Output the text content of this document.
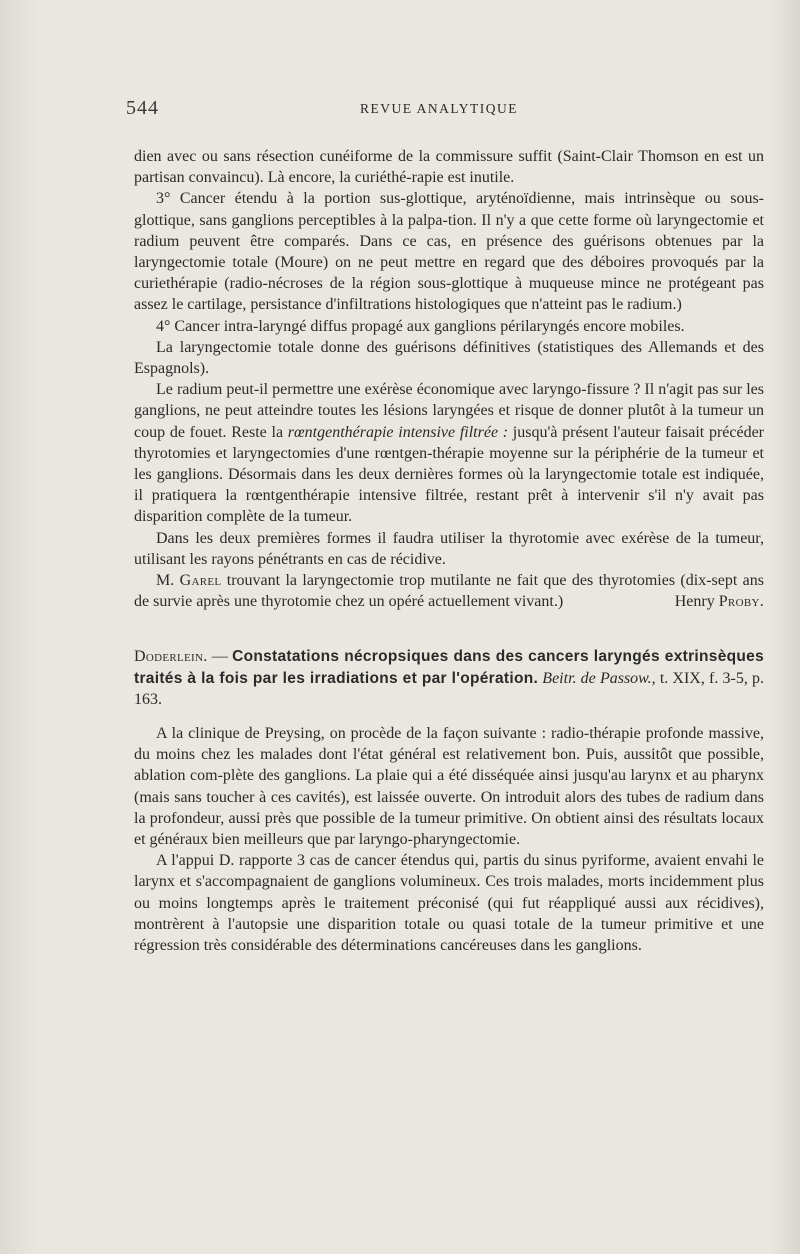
544	REVUE ANALYTIQUE

dien avec ou sans résection cunéiforme de la commissure suffit (Saint-Clair Thomson en est un partisan convaincu). Là encore, la curiéthé-rapie est inutile.

3° Cancer étendu à la portion sus-glottique, aryténoïdienne, mais intrinsèque ou sous-glottique, sans ganglions perceptibles à la palpa-tion. Il n'y a que cette forme où laryngectomie et radium peuvent être comparés. Dans ce cas, en présence des guérisons obtenues par la laryngectomie totale (Moure) on ne peut mettre en regard que des déboires provoqués par la curiethérapie (radio-nécroses de la région sous-glottique à muqueuse mince ne protégeant pas assez le cartilage, persistance d'infiltrations histologiques que n'atteint pas le radium.)

4° Cancer intra-laryngé diffus propagé aux ganglions périlaryngés encore mobiles.

La laryngectomie totale donne des guérisons définitives (statistiques des Allemands et des Espagnols).

Le radium peut-il permettre une exérèse économique avec laryngo-fissure ? Il n'agit pas sur les ganglions, ne peut atteindre toutes les lésions laryngées et risque de donner plutôt à la tumeur un coup de fouet. Reste la rœntgenthérapie intensive filtrée : jusqu'à présent l'auteur faisait précéder thyrotomies et laryngectomies d'une rœntgen-thérapie moyenne sur la périphérie de la tumeur et les ganglions. Désormais dans les deux dernières formes où la laryngectomie totale est indiquée, il pratiquera la rœntgenthérapie intensive filtrée, restant prêt à intervenir s'il n'y avait pas disparition complète de la tumeur.

Dans les deux premières formes il faudra utiliser la thyrotomie avec exérèse de la tumeur, utilisant les rayons pénétrants en cas de récidive.

M. Garel trouvant la laryngectomie trop mutilante ne fait que des thyrotomies (dix-sept ans de survie après une thyrotomie chez un opéré actuellement vivant.)	Henry Proby.

Doderlein. — Constatations nécropsiques dans des cancers laryngés extrinsèques traités à la fois par les irradiations et par l'opération. Beitr. de Passow., t. XIX, f. 3-5, p. 163.

A la clinique de Preysing, on procède de la façon suivante : radio-thérapie profonde massive, du moins chez les malades dont l'état général est relativement bon. Puis, aussitôt que possible, ablation com-plète des ganglions. La plaie qui a été disséquée ainsi jusqu'au larynx et au pharynx (mais sans toucher à ces cavités), est laissée ouverte. On introduit alors des tubes de radium dans la profondeur, aussi près que possible de la tumeur primitive. On obtient ainsi des résultats locaux et généraux bien meilleurs que par laryngo-pharyngectomie.

A l'appui D. rapporte 3 cas de cancer étendus qui, partis du sinus pyriforme, avaient envahi le larynx et s'accompagnaient de ganglions volumineux. Ces trois malades, morts incidemment plus ou moins longtemps après le traitement préconisé (qui fut réappliqué aussi aux récidives), montrèrent à l'autopsie une disparition totale ou quasi totale de la tumeur primitive et une régression très considérable des déterminations cancéreuses dans les ganglions.
